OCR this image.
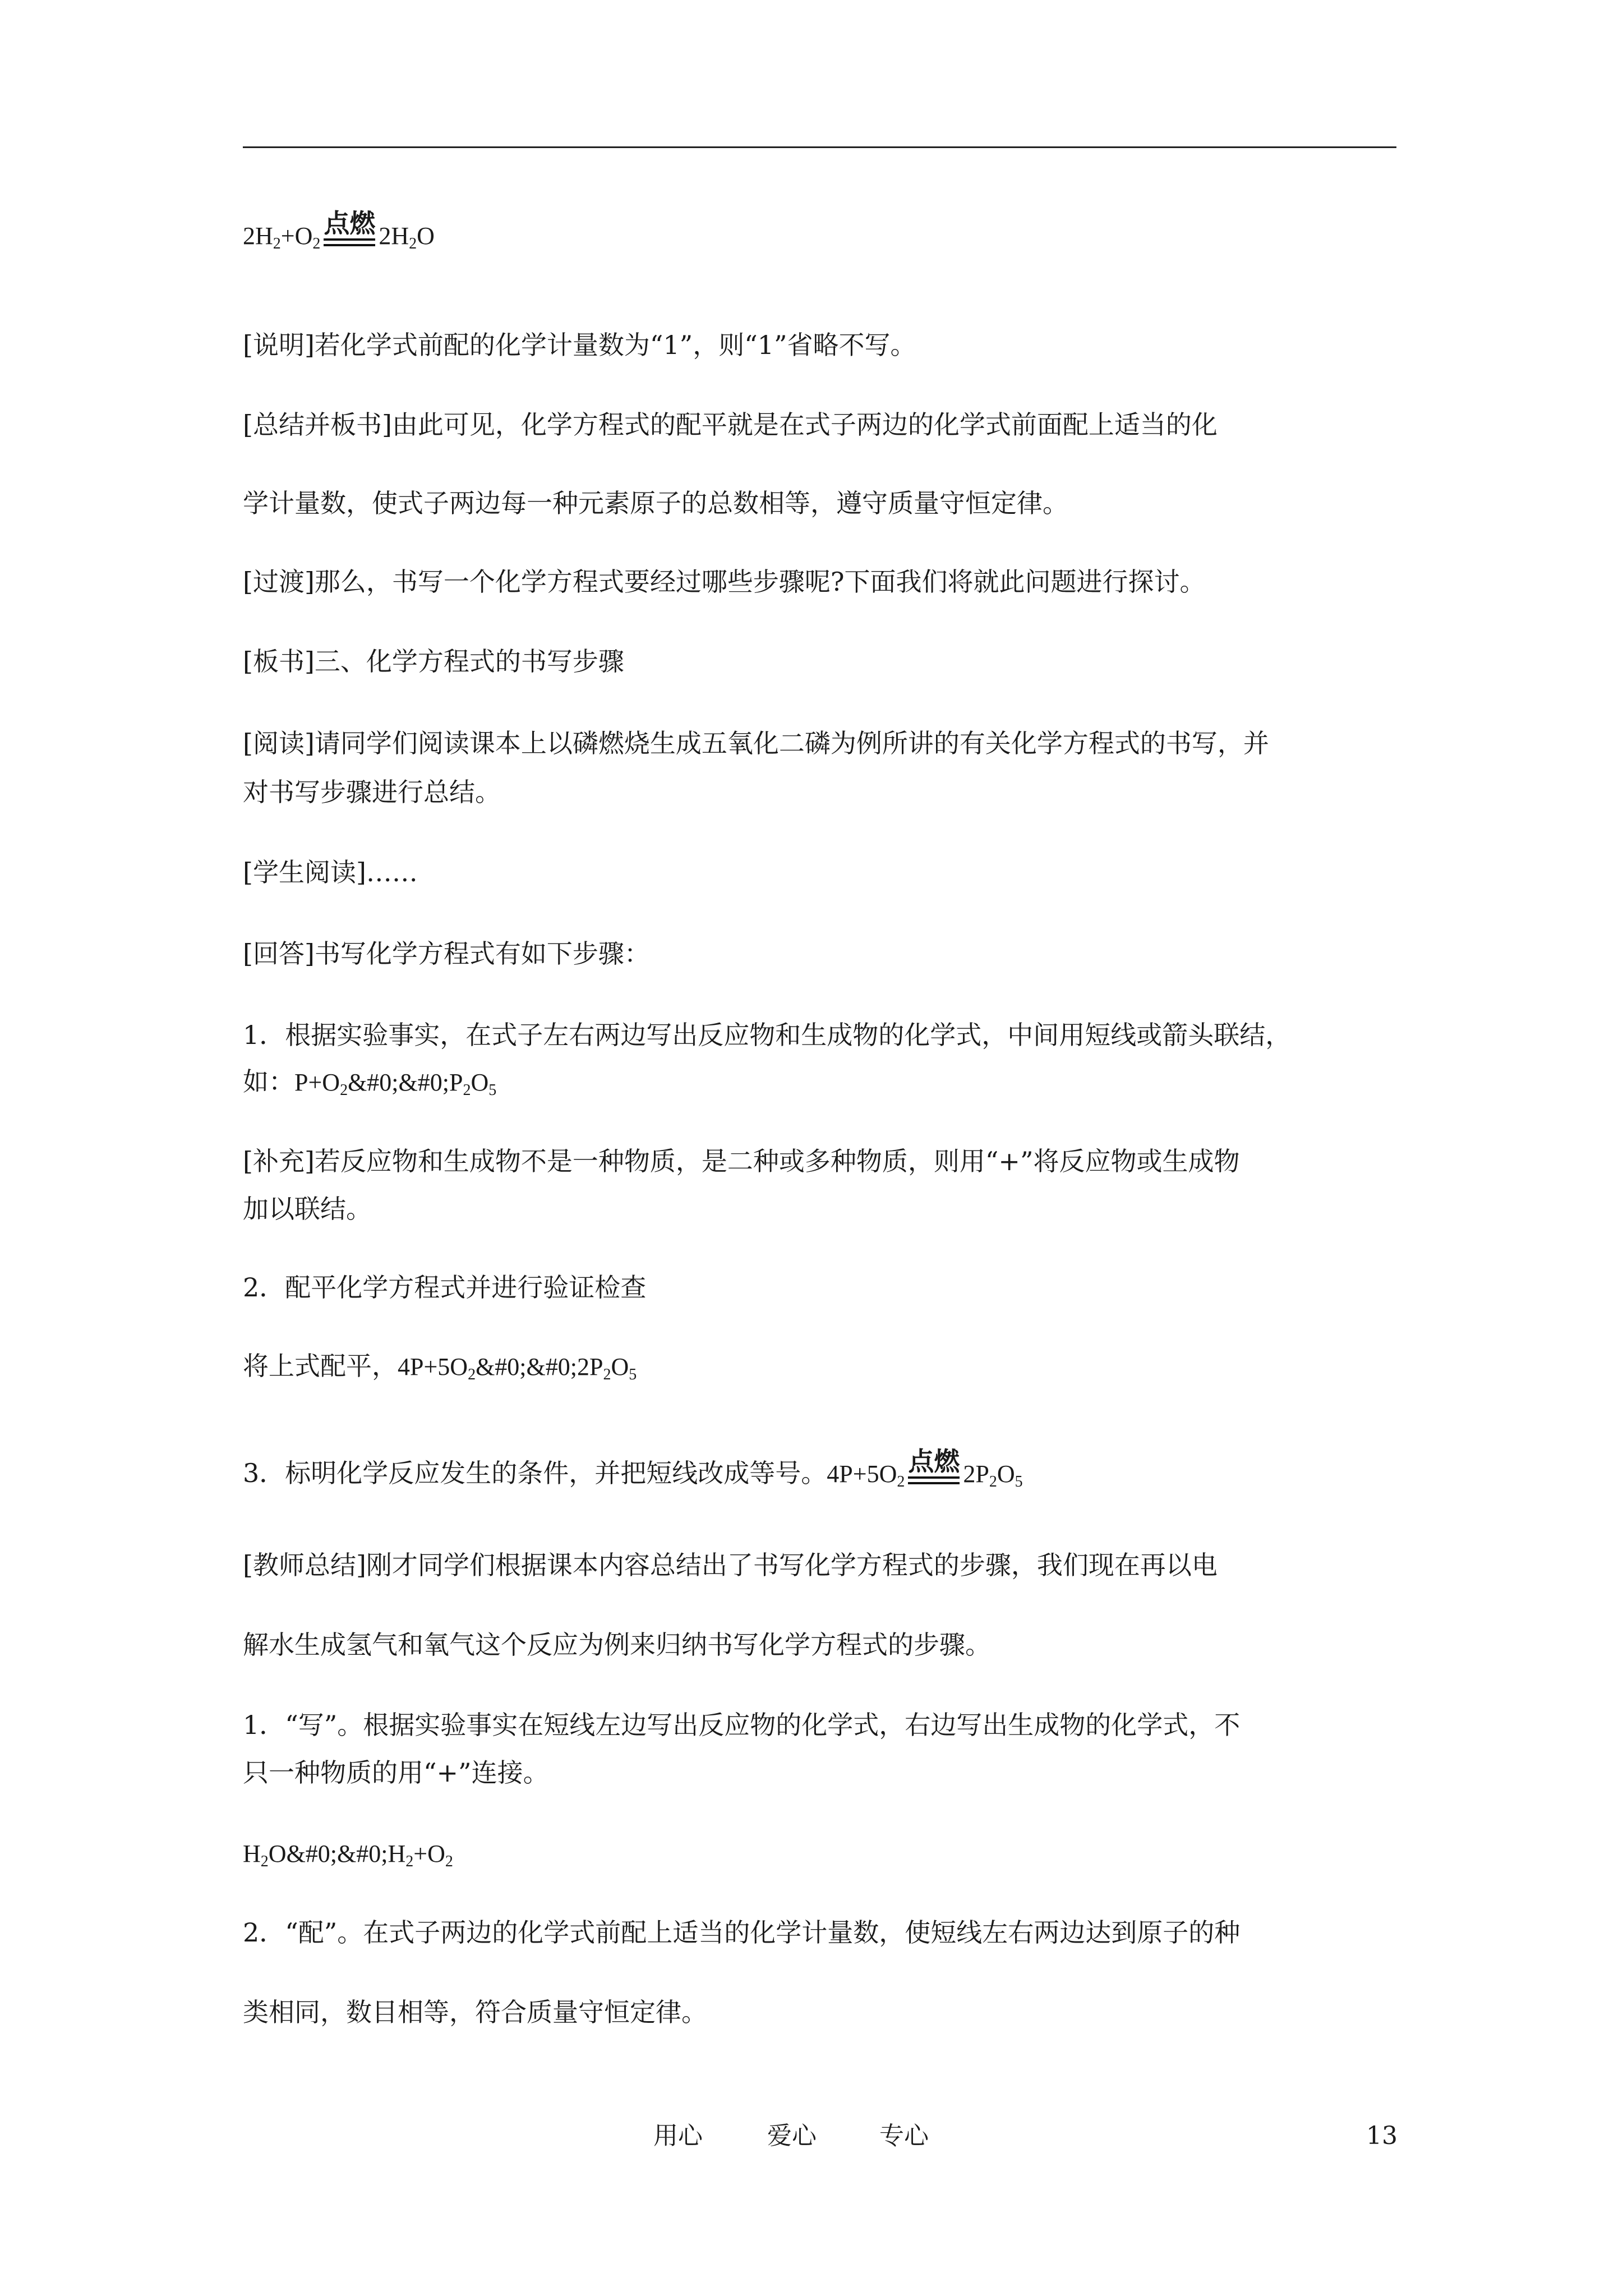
$2H_2+O_2$
点燃 $2H_2O$
[说明]若化学式前配的化学计量数为“1”，则“1”省略不写。
[总结并板书]由此可见，化学方程式的配平就是在式子两边的化学式前面配上适当的化
学计量数，使式子两边每一种元素原子的总数相等，遵守质量守恒定律。
[过渡]那么，书写一个化学方程式要经过哪些步骤呢?下面我们将就此问题进行探讨。
[板书]三、化学方程式的书写步骤
[阅读]请同学们阅读课本上以磷燃烧生成五氧化二磷为例所讲的有关化学方程式的书写，并
对书写步骤进行总结。
[学生阅读]……
[回答]书写化学方程式有如下步骤：
1．根据实验事实，在式子左右两边写出反应物和生成物的化学式，中间用短线或箭头联结，
如：$P+O_2\&\#0;\&\#0;P_2O_5$
[补充]若反应物和生成物不是一种物质，是二种或多种物质，则用“+”将反应物或生成物
加以联结。
2．配平化学方程式并进行验证检查
将上式配平，$4P+5O_2\&\#0;\&\#0;2P_2O_5$
3．标明化学反应发生的条件，并把短线改成等号。$4P+5O_2$
点燃 $2P_2O_5$
[教师总结]刚才同学们根据课本内容总结出了书写化学方程式的步骤，我们现在再以电
解水生成氢气和氧气这个反应为例来归纳书写化学方程式的步骤。
1．“写”。根据实验事实在短线左边写出反应物的化学式，右边写出生成物的化学式，不
只一种物质的用“+”连接。
$H_2O\&\#0;\&\#0;H_2+O_2$
2．“配”。在式子两边的化学式前配上适当的化学计量数，使短线左右两边达到原子的种
类相同，数目相等，符合质量守恒定律。
用心	爱心	专心	13
